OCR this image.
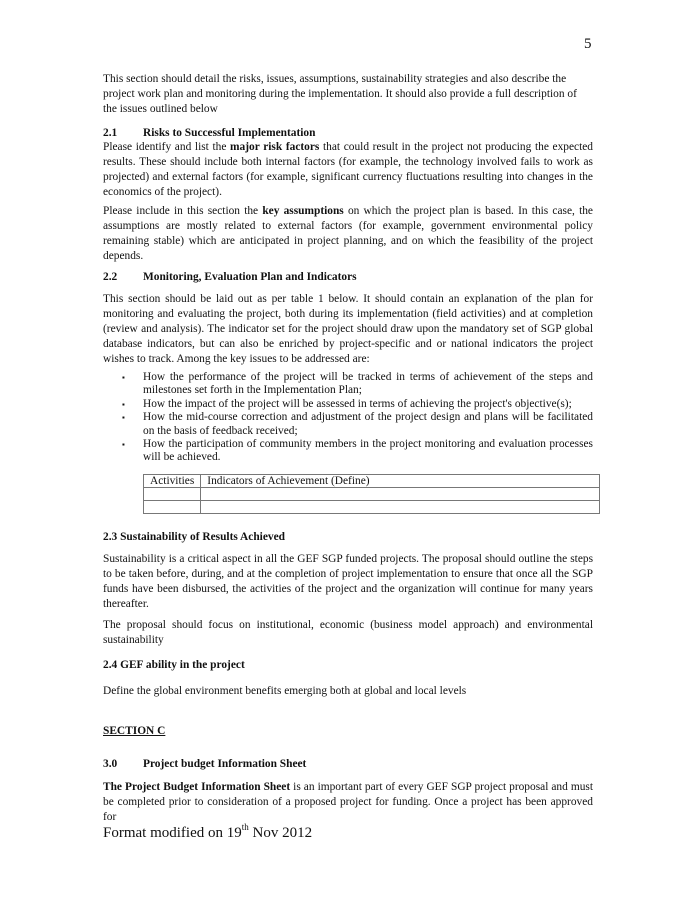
5
This section should detail the risks, issues, assumptions, sustainability strategies and also describe the project work plan and monitoring during the implementation. It should also provide a full description of the issues outlined below
2.1 Risks to Successful Implementation
Please identify and list the major risk factors that could result in the project not producing the expected results. These should include both internal factors (for example, the technology involved fails to work as projected) and external factors (for example, significant currency fluctuations resulting into changes in the economics of the project).
Please include in this section the key assumptions on which the project plan is based. In this case, the assumptions are mostly related to external factors (for example, government environmental policy remaining stable) which are anticipated in project planning, and on which the feasibility of the project depends.
2.2 Monitoring, Evaluation Plan and Indicators
This section should be laid out as per table 1 below. It should contain an explanation of the plan for monitoring and evaluating the project, both during its implementation (field activities) and at completion (review and analysis). The indicator set for the project should draw upon the mandatory set of SGP global database indicators, but can also be enriched by project-specific and or national indicators the project wishes to track. Among the key issues to be addressed are:
▪ How the performance of the project will be tracked in terms of achievement of the steps and milestones set forth in the Implementation Plan;
▪ How the impact of the project will be assessed in terms of achieving the project's objective(s);
▪ How the mid-course correction and adjustment of the project design and plans will be facilitated on the basis of feedback received;
▪ How the participation of community members in the project monitoring and evaluation processes will be achieved.
Activities	Indicators of Achievement (Define)

2.3 Sustainability of Results Achieved
Sustainability is a critical aspect in all the GEF SGP funded projects. The proposal should outline the steps to be taken before, during, and at the completion of project implementation to ensure that once all the SGP funds have been disbursed, the activities of the project and the organization will continue for many years thereafter.
The proposal should focus on institutional, economic (business model approach) and environmental sustainability
2.4 GEF ability in the project
Define the global environment benefits emerging both at global and local levels
SECTION C
3.0 Project budget Information Sheet
The Project Budget Information Sheet is an important part of every GEF SGP project proposal and must be completed prior to consideration of a proposed project for funding. Once a project has been approved for
Format modified on 19th Nov 2012
